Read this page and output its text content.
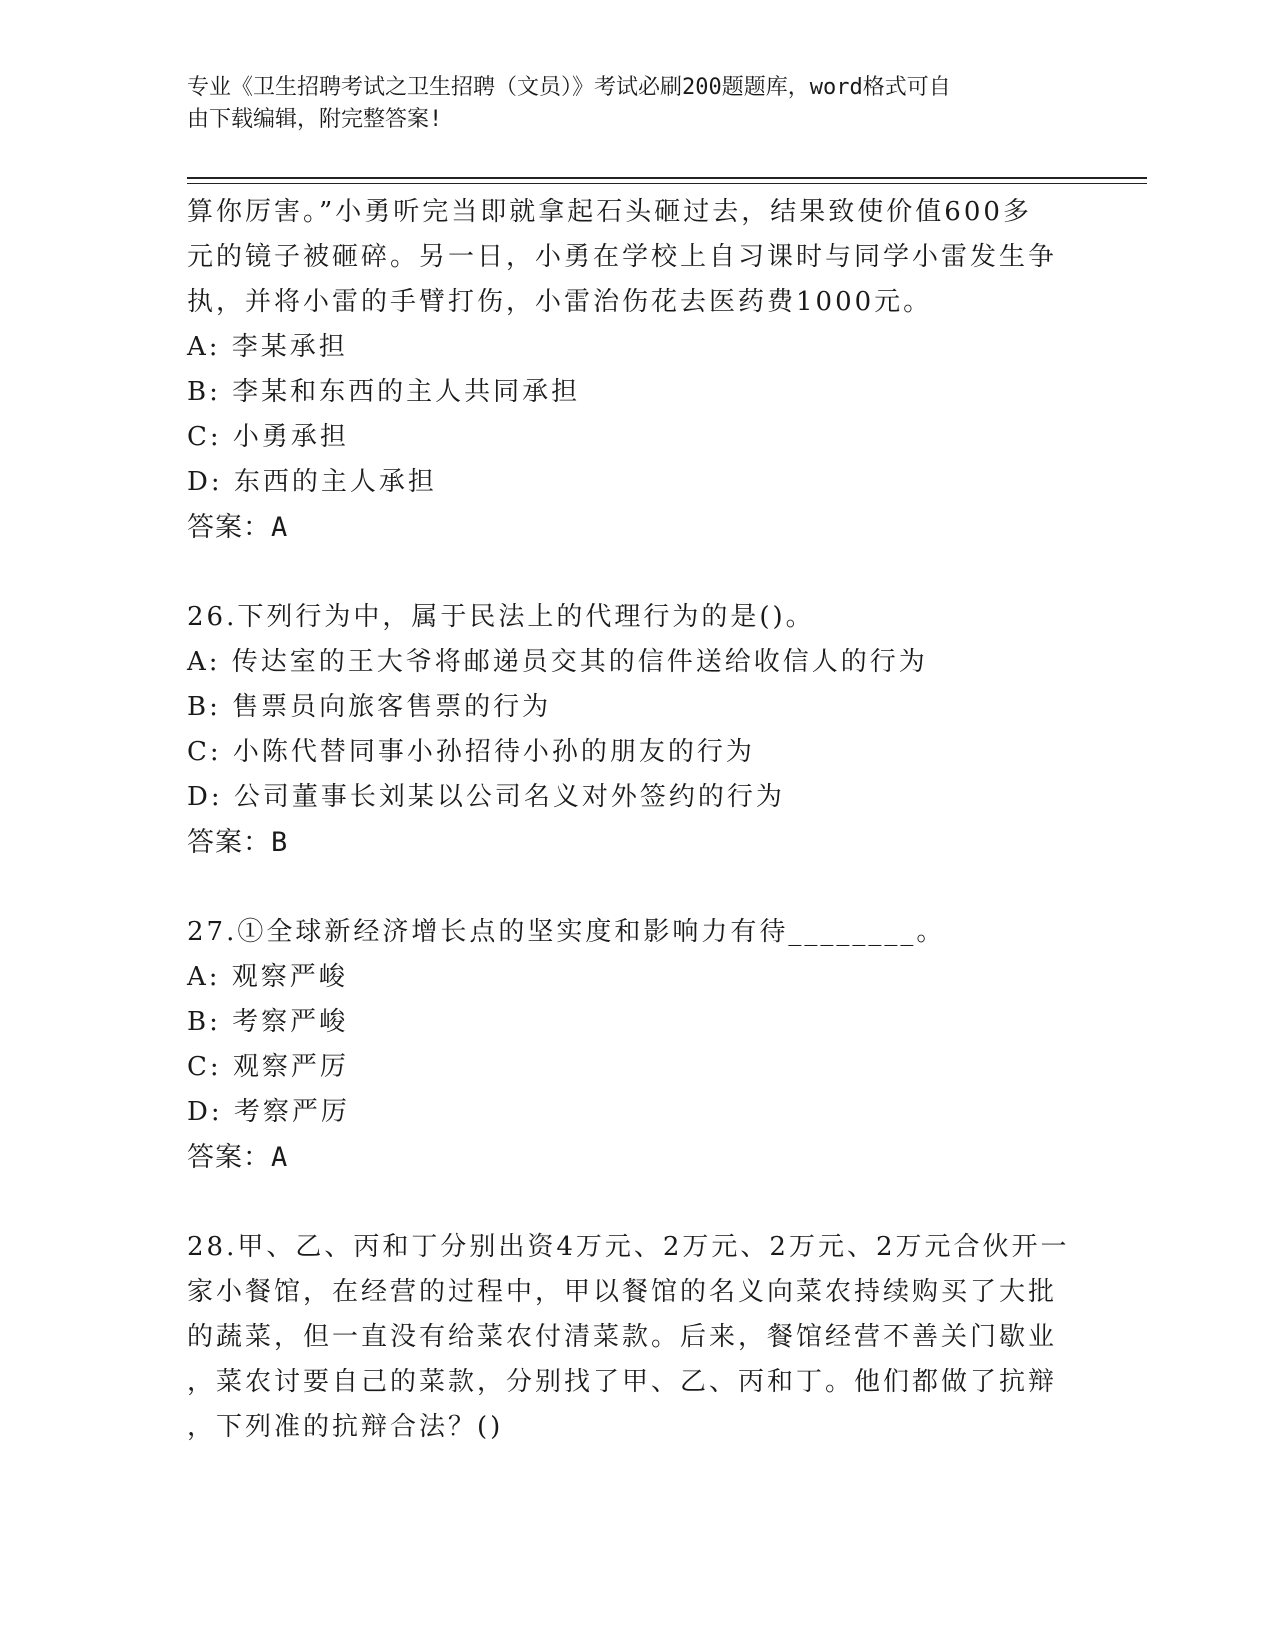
专业《卫生招聘考试之卫生招聘（文员）》考试必刷200题题库，word格式可自
由下载编辑，附完整答案!
算你厉害。”小勇听完当即就拿起石头砸过去，结果致使价值600多
元的镜子被砸碎。另一日，小勇在学校上自习课时与同学小雷发生争
执，并将小雷的手臂打伤，小雷治伤花去医药费1000元。
A: 李某承担
B: 李某和东西的主人共同承担
C: 小勇承担
D: 东西的主人承担
答案：A
26.下列行为中，属于民法上的代理行为的是()。
A: 传达室的王大爷将邮递员交其的信件送给收信人的行为
B: 售票员向旅客售票的行为
C: 小陈代替同事小孙招待小孙的朋友的行为
D: 公司董事长刘某以公司名义对外签约的行为
答案：B
27.①全球新经济增长点的坚实度和影响力有待________。
A: 观察严峻
B: 考察严峻
C: 观察严厉
D: 考察严厉
答案：A
28.甲、乙、丙和丁分别出资4万元、2万元、2万元、2万元合伙开一
家小餐馆，在经营的过程中，甲以餐馆的名义向菜农持续购买了大批
的蔬菜，但一直没有给菜农付清菜款。后来，餐馆经营不善关门歇业
，菜农讨要自己的菜款，分别找了甲、乙、丙和丁。他们都做了抗辩
，下列准的抗辩合法？()
